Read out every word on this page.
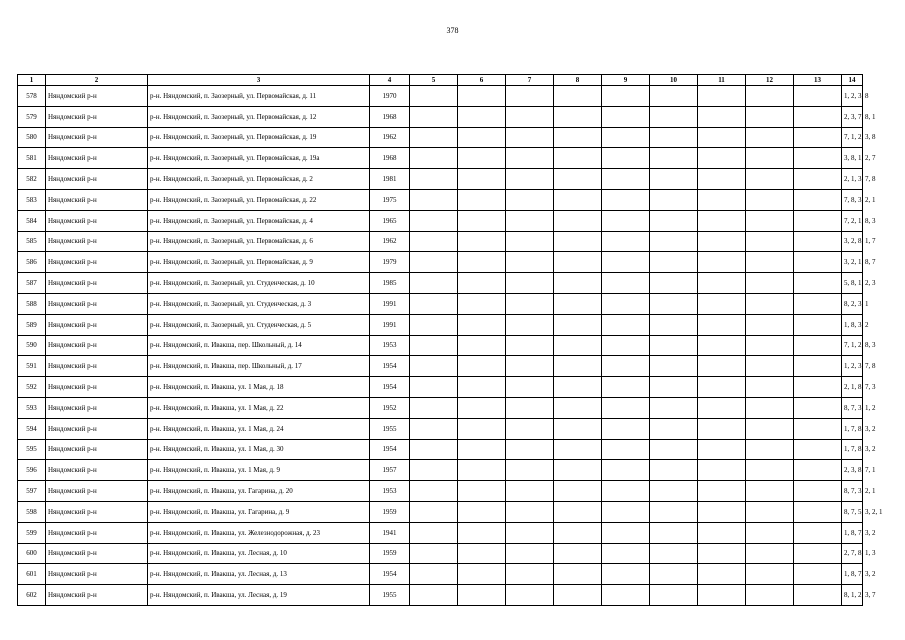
378
1	2	3	4	5	6	7	8	9	10	11	12	13	14
578	Няндомский р-н	р-н. Няндомский, п. Заозерный, ул. Первомайская, д. 11	1970										1, 2, 3, 8
579	Няндомский р-н	р-н. Няндомский, п. Заозерный, ул. Первомайская, д. 12	1968										2, 3, 7, 8, 1
580	Няндомский р-н	р-н. Няндомский, п. Заозерный, ул. Первомайская, д. 19	1962										7, 1, 2, 3, 8
581	Няндомский р-н	р-н. Няндомский, п. Заозерный, ул. Первомайская, д. 19а	1968										3, 8, 1, 2, 7
582	Няндомский р-н	р-н. Няндомский, п. Заозерный, ул. Первомайская, д. 2	1981										2, 1, 3, 7, 8
583	Няндомский р-н	р-н. Няндомский, п. Заозерный, ул. Первомайская, д. 22	1975										7, 8, 3, 2, 1
584	Няндомский р-н	р-н. Няндомский, п. Заозерный, ул. Первомайская, д. 4	1965										7, 2, 1, 8, 3
585	Няндомский р-н	р-н. Няндомский, п. Заозерный, ул. Первомайская, д. 6	1962										3, 2, 8, 1, 7
586	Няндомский р-н	р-н. Няндомский, п. Заозерный, ул. Первомайская, д. 9	1979										3, 2, 1, 8, 7
587	Няндомский р-н	р-н. Няндомский, п. Заозерный, ул. Студенческая, д. 10	1985										5, 8, 1, 2, 3
588	Няндомский р-н	р-н. Няндомский, п. Заозерный, ул. Студенческая, д. 3	1991										8, 2, 3, 1
589	Няндомский р-н	р-н. Няндомский, п. Заозерный, ул. Студенческая, д. 5	1991										1, 8, 3, 2
590	Няндомский р-н	р-н. Няндомский, п. Ивакша, пер. Школьный, д. 14	1953										7, 1, 2, 8, 3
591	Няндомский р-н	р-н. Няндомский, п. Ивакша, пер. Школьный, д. 17	1954										1, 2, 3, 7, 8
592	Няндомский р-н	р-н. Няндомский, п. Ивакша, ул. 1 Мая, д. 18	1954										2, 1, 8, 7, 3
593	Няндомский р-н	р-н. Няндомский, п. Ивакша, ул. 1 Мая, д. 22	1952										8, 7, 3, 1, 2
594	Няндомский р-н	р-н. Няндомский, п. Ивакша, ул. 1 Мая, д. 24	1955										1, 7, 8, 3, 2
595	Няндомский р-н	р-н. Няндомский, п. Ивакша, ул. 1 Мая, д. 30	1954										1, 7, 8, 3, 2
596	Няндомский р-н	р-н. Няндомский, п. Ивакша, ул. 1 Мая, д. 9	1957										2, 3, 8, 7, 1
597	Няндомский р-н	р-н. Няндомский, п. Ивакша, ул. Гагарина, д. 20	1953										8, 7, 3, 2, 1
598	Няндомский р-н	р-н. Няндомский, п. Ивакша, ул. Гагарина, д. 9	1959										8, 7, 5, 3, 2, 1
599	Няндомский р-н	р-н. Няндомский, п. Ивакша, ул. Железнодорожная, д. 23	1941										1, 8, 7, 3, 2
600	Няндомский р-н	р-н. Няндомский, п. Ивакша, ул. Лесная, д. 10	1959										2, 7, 8, 1, 3
601	Няндомский р-н	р-н. Няндомский, п. Ивакша, ул. Лесная, д. 13	1954										1, 8, 7, 3, 2
602	Няндомский р-н	р-н. Няндомский, п. Ивакша, ул. Лесная, д. 19	1955										8, 1, 2, 3, 7
